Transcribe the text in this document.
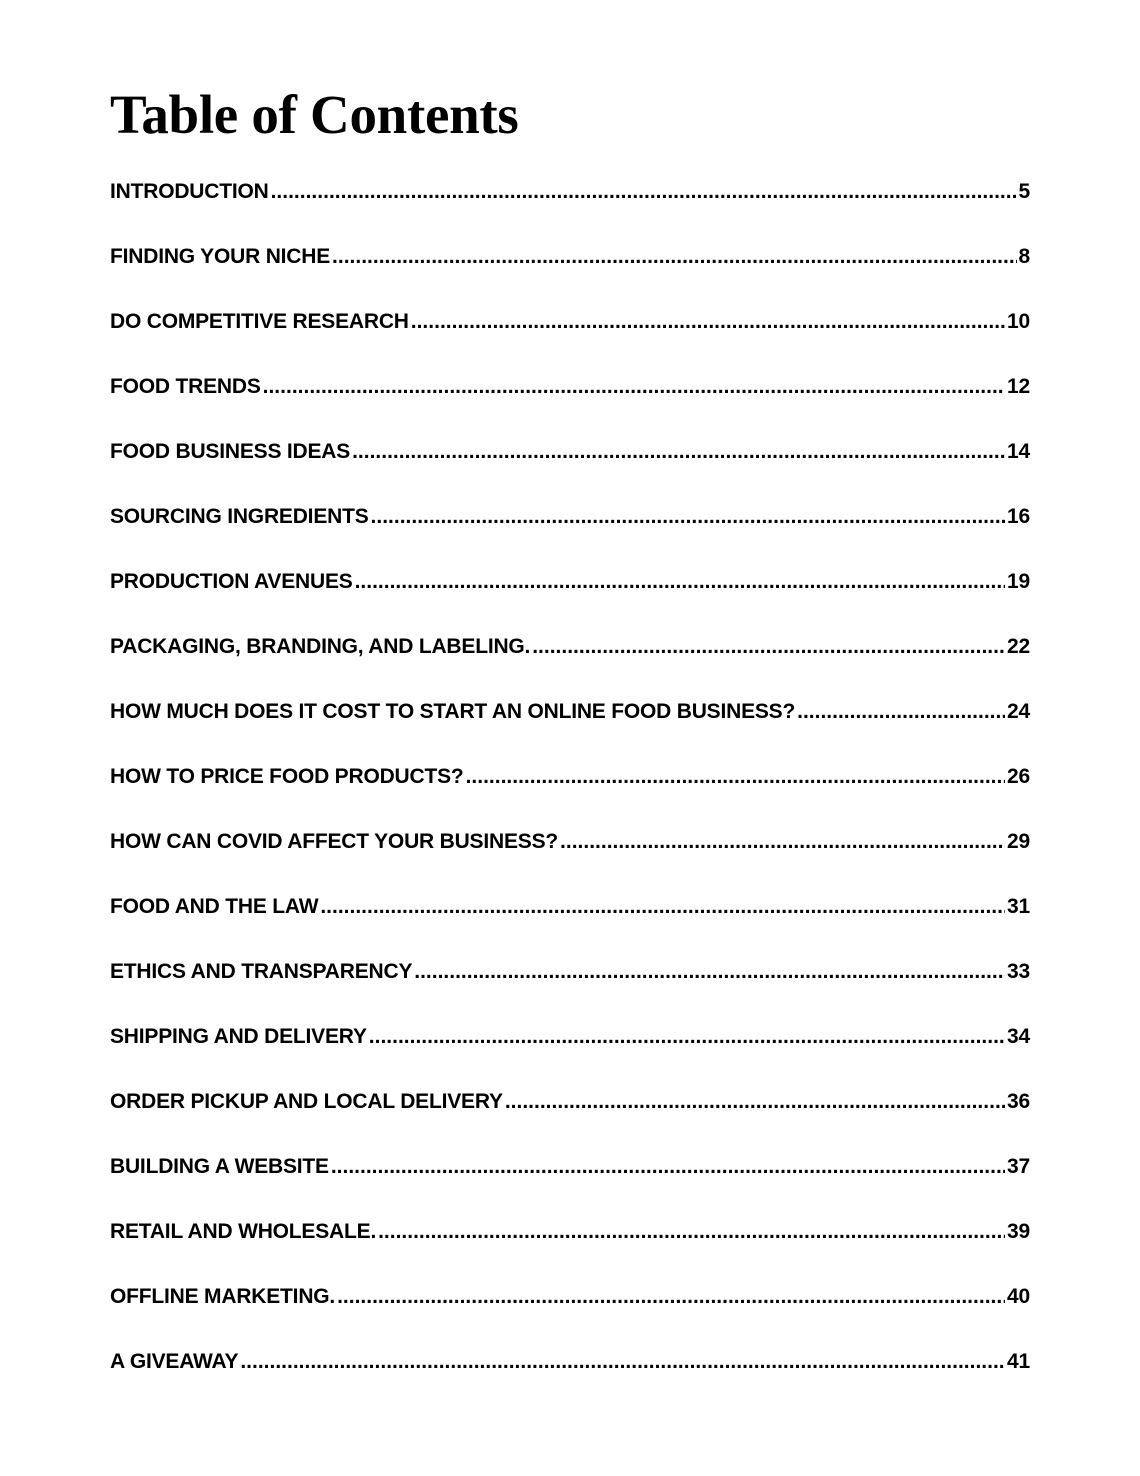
Table of Contents
INTRODUCTION .....	5
FINDING YOUR NICHE .....	8
DO COMPETITIVE RESEARCH .....	10
FOOD TRENDS .....	12
FOOD BUSINESS IDEAS .....	14
SOURCING INGREDIENTS .....	16
PRODUCTION AVENUES .....	19
PACKAGING, BRANDING, AND LABELING. .....	22
HOW MUCH DOES IT COST TO START AN ONLINE FOOD BUSINESS? .....	24
HOW TO PRICE FOOD PRODUCTS? .....	26
HOW CAN COVID AFFECT YOUR BUSINESS? .....	29
FOOD AND THE LAW .....	31
ETHICS AND TRANSPARENCY .....	33
SHIPPING AND DELIVERY .....	34
ORDER PICKUP AND LOCAL DELIVERY .....	36
BUILDING A WEBSITE .....	37
RETAIL AND WHOLESALE. .....	39
OFFLINE MARKETING. .....	40
A GIVEAWAY .....	41
